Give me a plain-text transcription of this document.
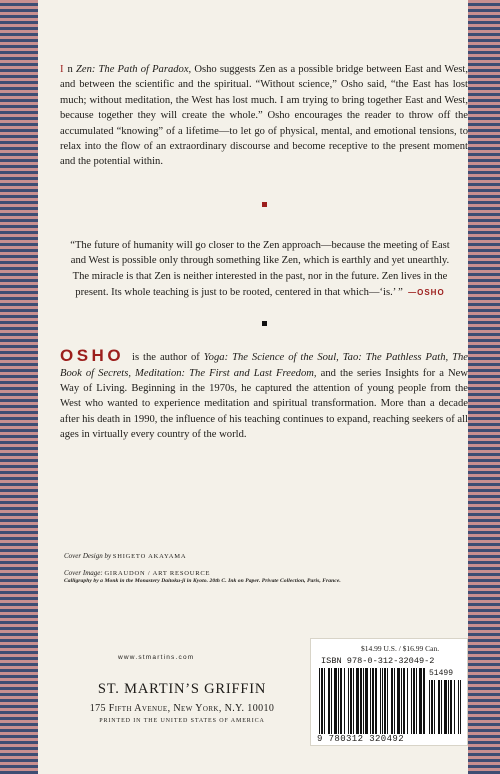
I n Zen: The Path of Paradox, Osho suggests Zen as a possible bridge between East and West, and between the scientific and the spiritual. “Without science,” Osho said, “the East has lost much; without meditation, the West has lost much. I am trying to bring together East and West, because together they will create the whole.” Osho encourages the reader to throw off the accumulated “knowing” of a lifetime—to let go of physical, mental, and emotional tensions, to relax into the flow of an extraordinary discourse and become receptive to the present moment and the potential within.

“The future of humanity will go closer to the Zen approach—because the meeting of East and West is possible only through something like Zen, which is earthly and yet unearthly. The miracle is that Zen is neither interested in the past, nor in the future. Zen lives in the present. Its whole teaching is just to be rooted, centered in that which—‘is.’ ” —OSHO

OSHO is the author of Yoga: The Science of the Soul, Tao: The Pathless Path, The Book of Secrets, Meditation: The First and Last Freedom, and the series Insights for a New Way of Living. Beginning in the 1970s, he captured the attention of young people from the West who wanted to experience meditation and spiritual transformation. More than a decade after his death in 1990, the influence of his teaching continues to expand, reaching seekers of all ages in virtually every country of the world.

Cover Design by SHIGETO AKAYAMA
Cover Image: GIRAUDON / ART RESOURCE
Calligraphy by a Monk in the Monastery Daitoku-ji in Kyoto. 20th C. Ink on Paper. Private Collection, Paris, France.
www.stmartins.com
ST. MARTIN’S GRIFFIN
175 Fifth Avenue, New York, N.Y. 10010
PRINTED IN THE UNITED STATES OF AMERICA
$14.99 U.S. / $16.99 Can.
ISBN 978-0-312-32049-2
51499
9 780312 320492
